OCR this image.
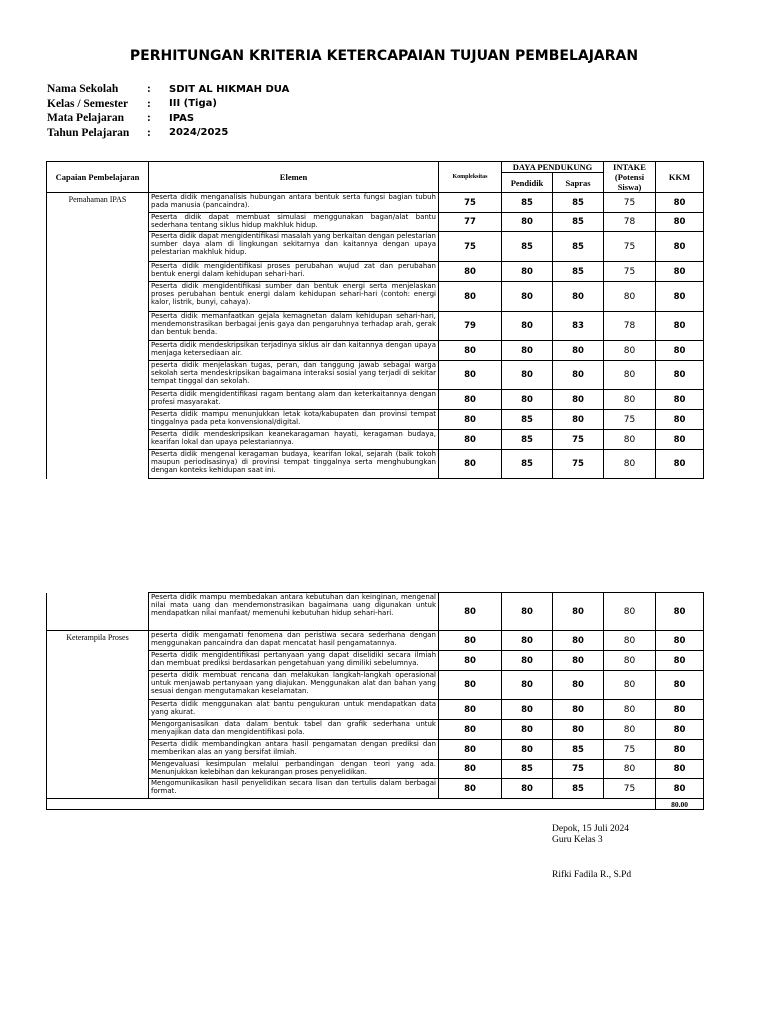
PERHITUNGAN KRITERIA KETERCAPAIAN TUJUAN PEMBELAJARAN
Nama Sekolah	:	SDIT AL HIKMAH DUA
Kelas / Semester	:	III (Tiga)
Mata Pelajaran	:	IPAS
Tahun Pelajaran	:	2024/2025
Capaian Pembelajaran	Elemen	Kompleksitas	DAYA PENDUKUNG		INTAKE (Potensi Siswa)	KKM
			Pendidik	Sapras		
Pemahaman IPAS	Peserta didik menganalisis hubungan antara bentuk serta fungsi bagian tubuh pada manusia (pancaindra).	75	85	85	75	80
	Peserta didik dapat membuat simulasi menggunakan bagan/alat bantu sederhana tentang siklus hidup makhluk hidup.	77	80	85	78	80
	Peserta didik dapat mengidentifikasi masalah yang berkaitan dengan pelestarian sumber daya alam di lingkungan sekitarnya dan kaitannya dengan upaya pelestarian makhluk hidup.	75	85	85	75	80
	Peserta didik mengidentifikasi proses perubahan wujud zat dan perubahan bentuk energi dalam kehidupan sehari-hari.	80	80	85	75	80
	Peserta didik mengidentifikasi sumber dan bentuk energi serta menjelaskan proses perubahan bentuk energi dalam kehidupan sehari-hari (contoh: energi kalor, listrik, bunyi, cahaya).	80	80	80	80	80
	Peserta didik memanfaatkan gejala kemagnetan dalam kehidupan sehari-hari, mendemonstrasikan berbagai jenis gaya dan pengaruhnya terhadap arah, gerak dan bentuk benda.	79	80	83	78	80
	Peserta didik mendeskripsikan terjadinya siklus air dan kaitannya dengan upaya menjaga ketersediaan air.	80	80	80	80	80
	peserta didik menjelaskan tugas, peran, dan tanggung jawab sebagai warga sekolah serta mendeskripsikan bagaimana interaksi sosial yang terjadi di sekitar tempat tinggal dan sekolah.	80	80	80	80	80
	Peserta didik mengidentifikasi ragam bentang alam dan keterkaitannya dengan profesi masyarakat.	80	80	80	80	80
	Peserta didik mampu menunjukkan letak kota/kabupaten dan provinsi tempat tinggalnya pada peta konvensional/digital.	80	85	80	75	80
	Peserta didik mendeskripsikan keanekaragaman hayati, keragaman budaya, kearifan lokal dan upaya pelestariannya.	80	85	75	80	80
	Peserta didik mengenal keragaman budaya, kearifan lokal, sejarah (baik tokoh maupun periodisasinya) di provinsi tempat tinggalnya serta menghubungkan dengan konteks kehidupan saat ini.	80	85	75	80	80
	Peserta didik mampu membedakan antara kebutuhan dan keinginan, mengenal nilai mata uang dan mendemonstrasikan bagaimana uang digunakan untuk mendapatkan nilai manfaat/ memenuhi kebutuhan hidup sehari-hari.	80	80	80	80	80
Keterampila Proses	peserta didik mengamati fenomena dan peristiwa secara sederhana dengan menggunakan pancaindra dan dapat mencatat hasil pengamatannya.	80	80	80	80	80
	Peserta didik mengidentifikasi pertanyaan yang dapat diselidiki secara ilmiah dan membuat prediksi berdasarkan pengetahuan yang dimiliki sebelumnya.	80	80	80	80	80
	peserta didik membuat rencana dan melakukan langkah-langkah operasional untuk menjawab pertanyaan yang diajukan. Menggunakan alat dan bahan yang sesuai dengan mengutamakan keselamatan.	80	80	80	80	80
	Peserta didik menggunakan alat bantu pengukuran untuk mendapatkan data yang akurat.	80	80	80	80	80
	Mengorganisasikan data dalam bentuk tabel dan grafik sederhana untuk menyajikan data dan mengidentifikasi pola.	80	80	80	80	80
	Peserta didik membandingkan antara hasil pengamatan dengan prediksi dan memberikan alas an yang bersifat ilmiah.	80	80	85	75	80
	Mengevaluasi kesimpulan melalui perbandingan dengan teori yang ada. Menunjukkan kelebihan dan kekurangan proses penyelidikan.	80	85	75	80	80
	Mengomunikasikan hasil penyelidikan secara lisan dan tertulis dalam berbagai format.	80	80	85	75	80
						80.00
Depok, 15 Juli 2024
Guru Kelas 3
Rifki Fadila R., S.Pd
